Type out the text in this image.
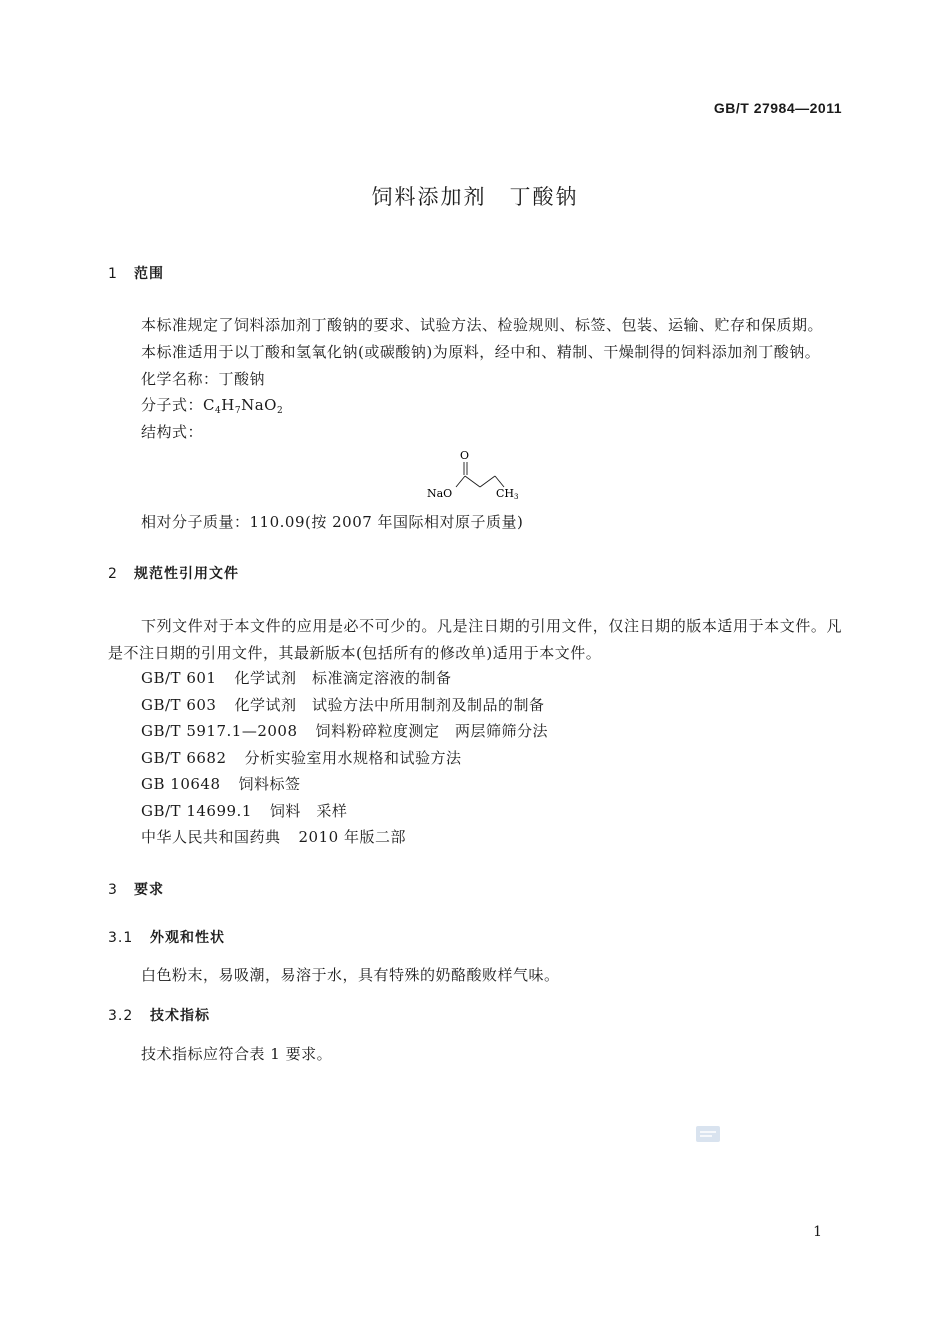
GB/T 27984—2011
饲料添加剂　丁酸钠
1 范围
本标准规定了饲料添加剂丁酸钠的要求、试验方法、检验规则、标签、包装、运输、贮存和保质期。
本标准适用于以丁酸和氢氧化钠(或碳酸钠)为原料，经中和、精制、干燥制得的饲料添加剂丁酸钠。
化学名称：丁酸钠
分子式：$C_4H_7NaO_2$
结构式：
O
NaO	CH3
相对分子质量：110.09(按 2007 年国际相对原子质量)
2 规范性引用文件
下列文件对于本文件的应用是必不可少的。凡是注日期的引用文件，仅注日期的版本适用于本文件。凡是不注日期的引用文件，其最新版本(包括所有的修改单)适用于本文件。
GB/T 601 化学试剂　标准滴定溶液的制备
GB/T 603 化学试剂　试验方法中所用制剂及制品的制备
GB/T 5917.1—2008 饲料粉碎粒度测定　两层筛筛分法
GB/T 6682 分析实验室用水规格和试验方法
GB 10648 饲料标签
GB/T 14699.1 饲料　采样
中华人民共和国药典 2010 年版二部
3 要求
3.1 外观和性状
白色粉末，易吸潮，易溶于水，具有特殊的奶酪酸败样气味。
3.2 技术指标
技术指标应符合表 1 要求。
1
